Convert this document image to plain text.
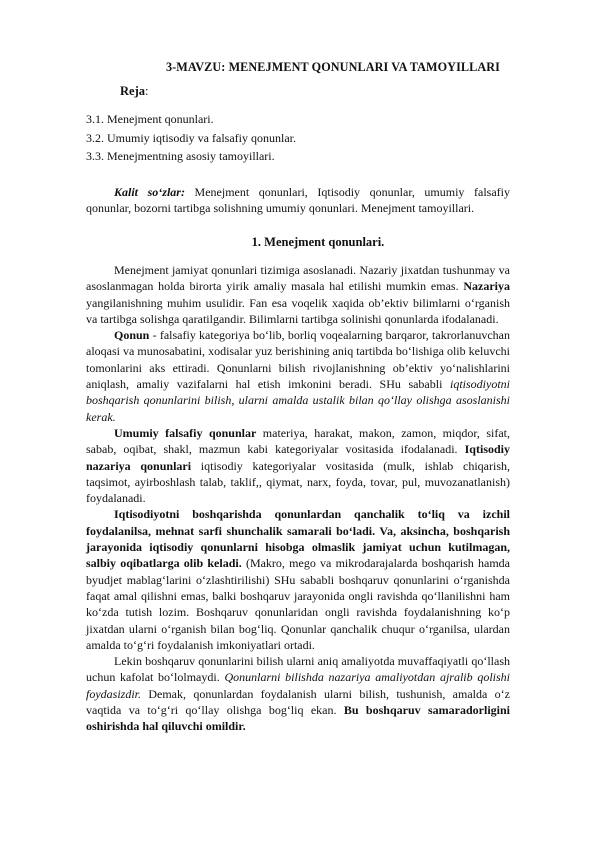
3-MAVZU: MENEJMENT QONUNLARI VA TAMOYILLARI
Reja:
3.1. Menejment qonunlari.
3.2. Umumiy iqtisodiy va falsafiy qonunlar.
3.3. Menejmentning asosiy tamoyillari.

Kalit so‘zlar: Menejment qonunlari, Iqtisodiy qonunlar, umumiy falsafiy qonunlar, bozorni tartibga solishning umumiy qonunlari. Menejment tamoyillari.

1. Menejment qonunlari.

Menejment jamiyat qonunlari tizimiga asoslanadi. Nazariy jixatdan tushunmay va asoslanmagan holda birorta yirik amaliy masala hal etilishi mumkin emas. Nazariya yangilanishning muhim usulidir. Fan esa voqelik xaqida ob’ektiv bilimlarni o‘rganish va tartibga solishga qaratilgandir. Bilimlarni tartibga solinishi qonunlarda ifodalanadi.

Qonun - falsafiy kategoriya bo‘lib, borliq voqealarning barqaror, takrorlanuvchan aloqasi va munosabatini, xodisalar yuz berishining aniq tartibda bo‘lishiga olib keluvchi tomonlarini aks ettiradi. Qonunlarni bilish rivojlanishning ob’ektiv yo‘nalishlarini aniqlash, amaliy vazifalarni hal etish imkonini beradi. SHu sababli iqtisodiyotni boshqarish qonunlarini bilish, ularni amalda ustalik bilan qo‘llay olishga asoslanishi kerak.

Umumiy falsafiy qonunlar materiya, harakat, makon, zamon, miqdor, sifat, sabab, oqibat, shakl, mazmun kabi kategoriyalar vositasida ifodalanadi. Iqtisodiy nazariya qonunlari iqtisodiy kategoriyalar vositasida (mulk, ishlab chiqarish, taqsimot, ayirboshlash talab, taklif,, qiymat, narx, foyda, tovar, pul, muvozanatlanish) foydalanadi.

Iqtisodiyotni boshqarishda qonunlardan qanchalik to‘liq va izchil foydalanilsa, mehnat sarfi shunchalik samarali bo‘ladi. Va, aksincha, boshqarish jarayonida iqtisodiy qonunlarni hisobga olmaslik jamiyat uchun kutilmagan, salbiy oqibatlarga olib keladi. (Makro, mego va mikrodarajalarda boshqarish hamda byudjet mablag‘larini o‘zlashtirilishi) SHu sababli boshqaruv qonunlarini o‘rganishda faqat amal qilishni emas, balki boshqaruv jarayonida ongli ravishda qo‘llanilishni ham ko‘zda tutish lozim. Boshqaruv qonunlaridan ongli ravishda foydalanishning ko‘p jixatdan ularni o‘rganish bilan bog‘liq. Qonunlar qanchalik chuqur o‘rganilsa, ulardan amalda to‘g‘ri foydalanish imkoniyatlari ortadi.

Lekin boshqaruv qonunlarini bilish ularni aniq amaliyotda muvaffaqiyatli qo‘llash uchun kafolat bo‘lolmaydi. Qonunlarni bilishda nazariya amaliyotdan ajralib qolishi foydasizdir. Demak, qonunlardan foydalanish ularni bilish, tushunish, amalda o‘z vaqtida va to‘g‘ri qo‘llay olishga bog‘liq ekan. Bu boshqaruv samaradorligini oshirishda hal qiluvchi omildir.
